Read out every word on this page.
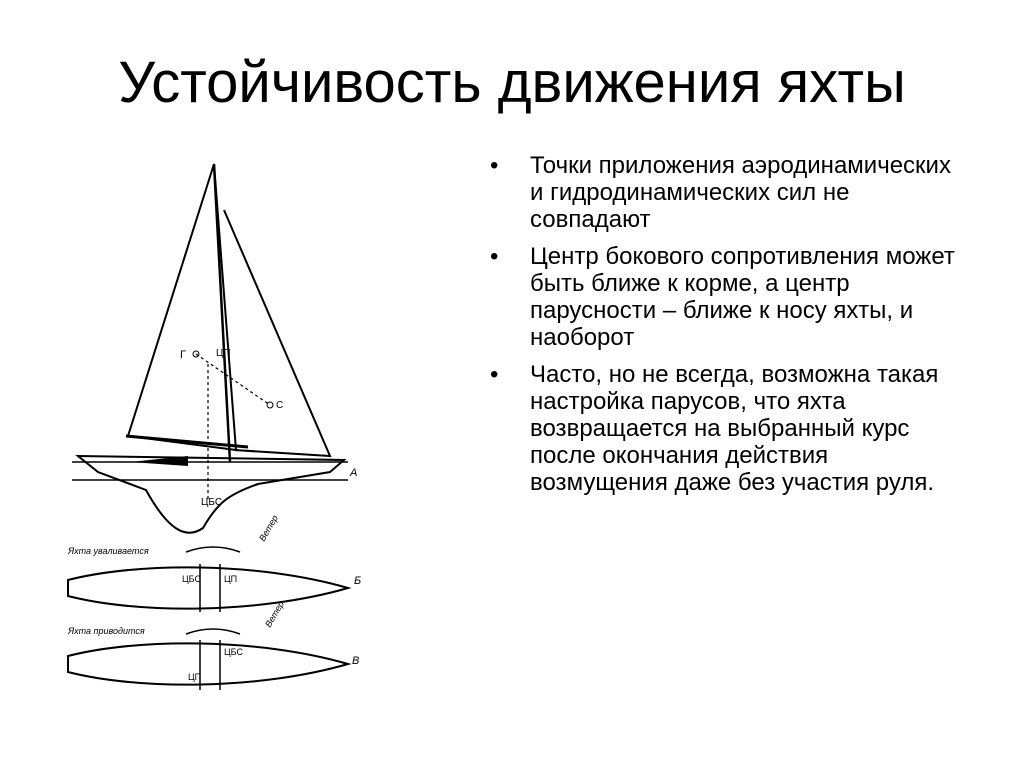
Устойчивость движения яхты
• Точки приложения аэродинамических и гидродинамических сил не совпадают
• Центр бокового сопротивления может быть ближе к корме, а центр парусности – ближе к носу яхты, и наоборот
• Часто, но не всегда, возможна такая настройка парусов, что яхта возвращается на выбранный курс после окончания действия возмущения даже без участия руля.
Г	ЦП
С
ЦБС
А
Ветер
Яхта уваливается
ЦБС	ЦП	Б
Ветер
Яхта приводится
ЦБС
ЦП
В
